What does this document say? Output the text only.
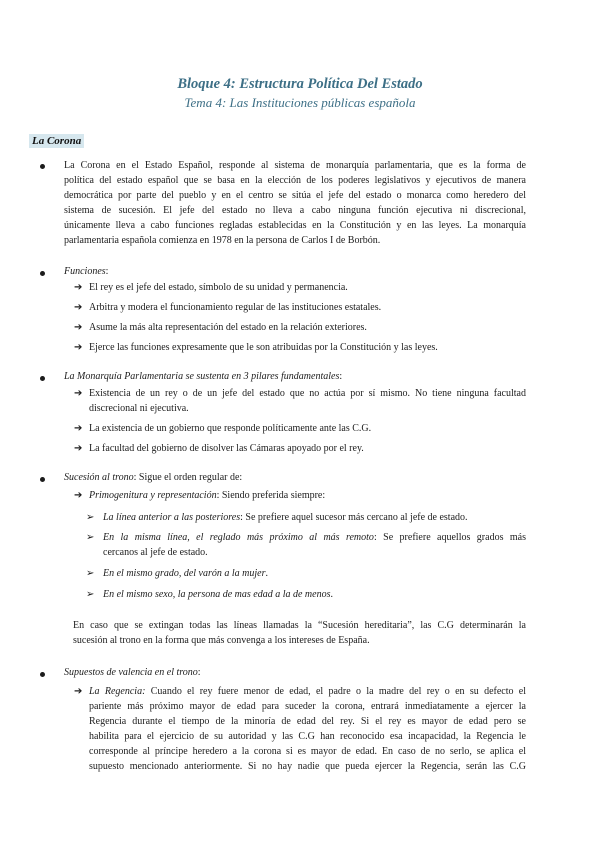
Bloque 4: Estructura Política Del Estado
Tema 4: Las Instituciones públicas española
La Corona
La Corona en el Estado Español, responde al sistema de monarquía parlamentaria, que es la forma de
política del estado español que se basa en la elección de los poderes legislativos y ejecutivos de manera
democrática por parte del pueblo y en el centro se sitúa el jefe del estado o monarca como heredero del
sistema de sucesión. El jefe del estado no lleva a cabo ninguna función ejecutiva ni discrecional,
únicamente lleva a cabo funciones regladas establecidas en la Constitución y en las leyes. La monarquía
parlamentaria española comienza en 1978 en la persona de Carlos I de Borbón.
Funciones:
➔ El rey es el jefe del estado, símbolo de su unidad y permanencia.
➔ Arbitra y modera el funcionamiento regular de las instituciones estatales.
➔ Asume la más alta representación del estado en la relación exteriores.
➔ Ejerce las funciones expresamente que le son atribuidas por la Constitución y las leyes.
La Monarquía Parlamentaria se sustenta en 3 pilares fundamentales:
➔ Existencia de un rey o de un jefe del estado que no actúa por sí mismo. No tiene ninguna facultad
discrecional ni ejecutiva.
➔ La existencia de un gobierno que responde políticamente ante las C.G.
➔ La facultad del gobierno de disolver las Cámaras apoyado por el rey.
Sucesión al trono: Sigue el orden regular de:
➔ Primogenitura y representación: Siendo preferida siempre:
➢ La línea anterior a las posteriores: Se prefiere aquel sucesor más cercano al jefe de estado.
➢ En la misma línea, el reglado más próximo al más remoto: Se prefiere aquellos grados más
cercanos al jefe de estado.
➢ En el mismo grado, del varón a la mujer.
➢ En el mismo sexo, la persona de mas edad a la de menos.
En caso que se extingan todas las líneas llamadas la “Sucesión hereditaria”, las C.G determinarán la
sucesión al trono en la forma que más convenga a los intereses de España.
Supuestos de valencia en el trono:
➔ La Regencia: Cuando el rey fuere menor de edad, el padre o la madre del rey o en su defecto el
pariente más próximo mayor de edad para suceder la corona, entrará inmediatamente a ejercer la
Regencia durante el tiempo de la minoría de edad del rey. Si el rey es mayor de edad pero se
habilita para el ejercicio de su autoridad y las C.G han reconocido esa incapacidad, la Regencia le
corresponde al príncipe heredero a la corona si es mayor de edad. En caso de no serlo, se aplica el
supuesto mencionado anteriormente. Si no hay nadie que pueda ejercer la Regencia, serán las C.G
